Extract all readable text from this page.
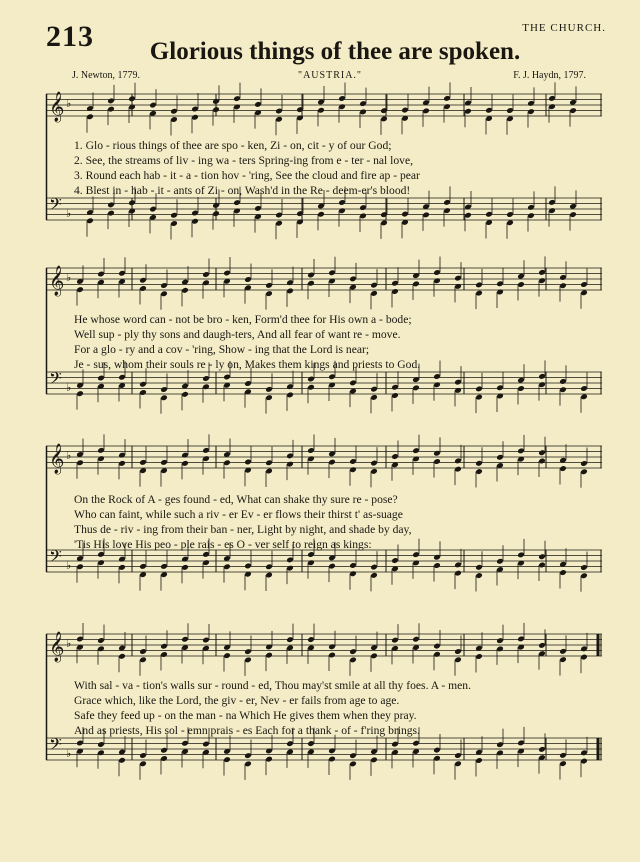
213	THE CHURCH.
Glorious things of thee are spoken.
J. Newton, 1779.	"AUSTRIA."	F. J. Haydn, 1797.
𝄞 ♭
𝄢 ♭
1. Glo - rious things of thee are spo - ken, Zi - on, cit - y of our God;
2. See, the streams of liv - ing wa - ters Spring-ing from e - ter - nal love,
3. Round each hab - it - a - tion hov - 'ring, See the cloud and fire ap - pear
4. Blest in - hab - it - ants of Zi - on, Wash'd in the Re - deem-er's blood!
𝄞 ♭
𝄢 ♭
He whose word can - not be bro - ken, Form'd thee for His own a - bode;
Well sup - ply thy sons and daugh-ters, And all fear of want re - move.
For a glo - ry and a cov - 'ring, Show - ing that the Lord is near;
Je - sus, whom their souls re - ly on, Makes them kings and priests to God.
𝄞 ♭
𝄢 ♭
On the Rock of A - ges found - ed, What can shake thy sure re - pose?
Who can faint, while such a riv - er Ev - er flows their thirst t' as-suage
Thus de - riv - ing from their ban - ner, Light by night, and shade by day,
'Tis His love His peo - ple rais - es O - ver self to reign as kings:
𝄞 ♭
𝄢 ♭
With sal - va - tion's walls sur - round - ed, Thou may'st smile at all thy foes. A - men.
Grace which, like the Lord, the giv - er, Nev - er fails from age to age.
Safe they feed up - on the man - na Which He gives them when they pray.
And as priests, His sol - emn prais - es Each for a thank - of - f'ring brings.
